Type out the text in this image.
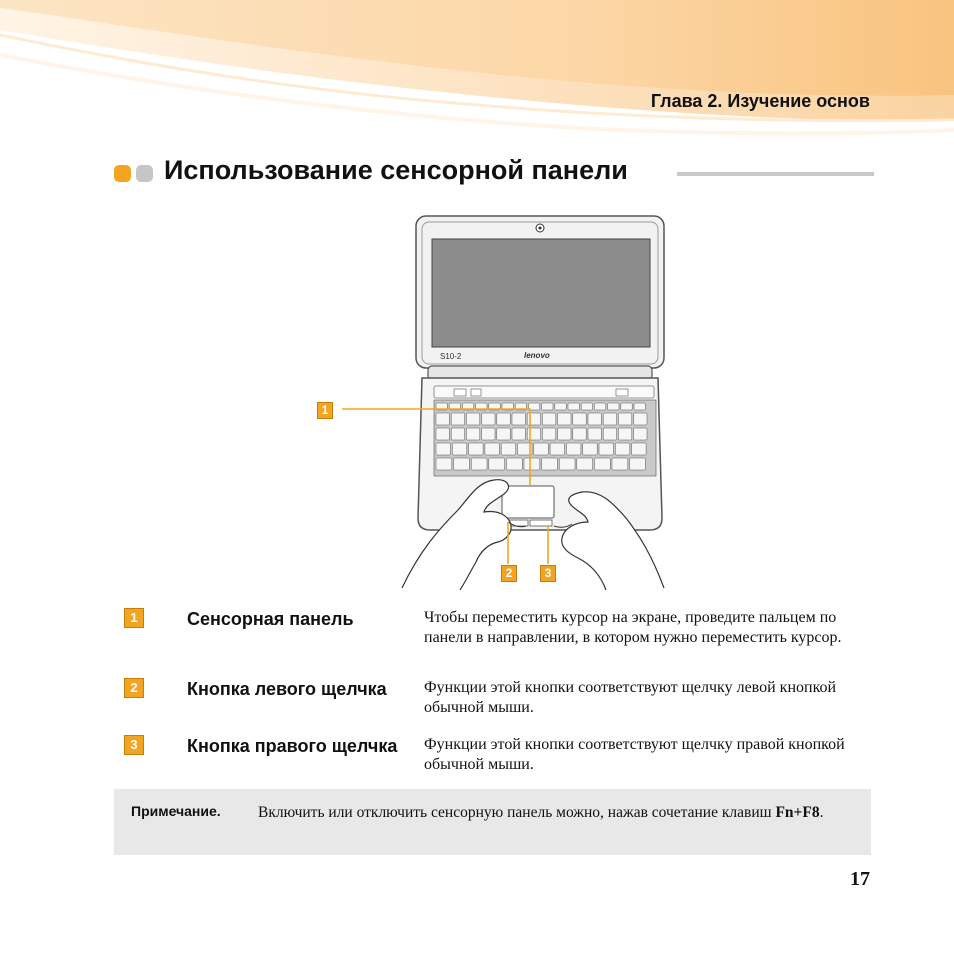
Глава 2. Изучение основ
Использование сенсорной панели
S10-2	lenovo
1
2	3
1	Сенсорная панель	Чтобы переместить курсор на экране, проведите пальцем по панели в направлении, в котором нужно переместить курсор.
2	Кнопка левого щелчка	Функции этой кнопки соответствуют щелчку левой кнопкой обычной мыши.
3	Кнопка правого щелчка	Функции этой кнопки соответствуют щелчку правой кнопкой обычной мыши.
Примечание. Включить или отключить сенсорную панель можно, нажав сочетание клавиш Fn+F8.
17
